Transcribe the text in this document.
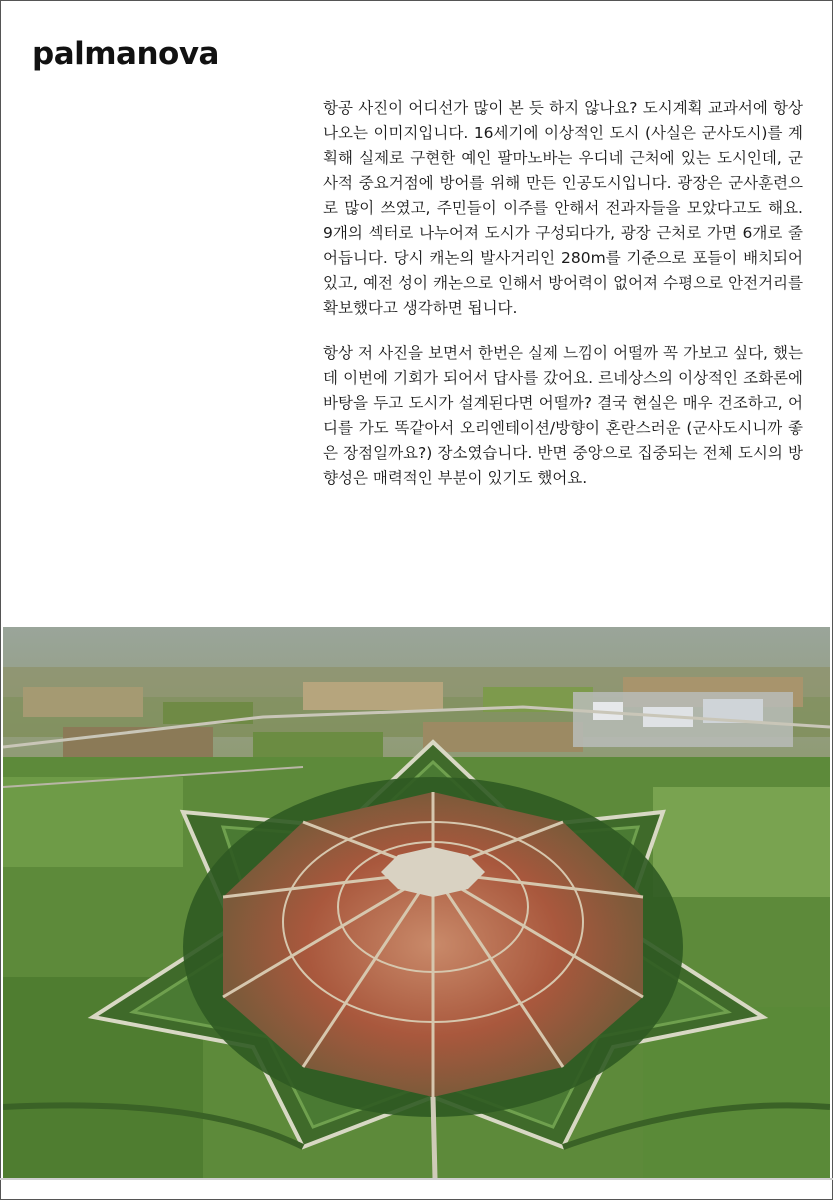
palmanova

항공 사진이 어디선가 많이 본 듯 하지 않나요? 도시계획 교과서에 항상 나오는 이미지입니다. 16세기에 이상적인 도시 (사실은 군사도시)를 계획해 실제로 구현한 예인 팔마노바는 우디네 근처에 있는 도시인데, 군사적 중요거점에 방어를 위해 만든 인공도시입니다. 광장은 군사훈련으로 많이 쓰였고, 주민들이 이주를 안해서 전과자들을 모았다고도 해요. 9개의 섹터로 나누어져 도시가 구성되다가, 광장 근처로 가면 6개로 줄어듭니다. 당시 캐논의 발사거리인 280m를 기준으로 포들이 배치되어있고, 예전 성이 캐논으로 인해서 방어력이 없어져 수평으로 안전거리를 확보했다고 생각하면 됩니다.

항상 저 사진을 보면서 한번은 실제 느낌이 어떨까 꼭 가보고 싶다, 했는데 이번에 기회가 되어서 답사를 갔어요. 르네상스의 이상적인 조화론에 바탕을 두고 도시가 설계된다면 어떨까? 결국 현실은 매우 건조하고, 어디를 가도 똑같아서 오리엔테이션/방향이 혼란스러운 (군사도시니까 좋은 장점일까요?) 장소였습니다. 반면 중앙으로 집중되는 전체 도시의 방향성은 매력적인 부분이 있기도 했어요.
